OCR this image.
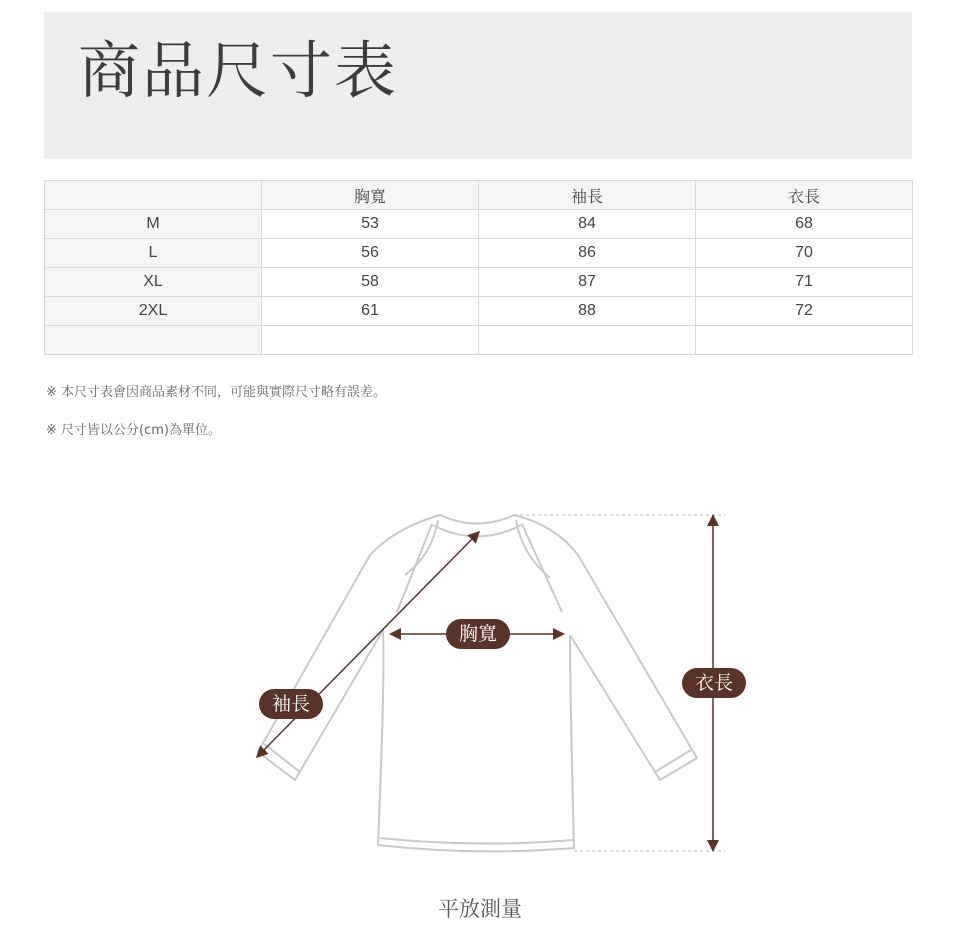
商品尺寸表
	胸寬	袖長	衣長
M	53	84	68
L	56	86	70
XL	58	87	71
2XL	61	88	72

※ 本尺寸表會因商品素材不同，可能與實際尺寸略有誤差。
※ 尺寸皆以公分(cm)為單位。
胸寬
袖長
衣長
平放測量
